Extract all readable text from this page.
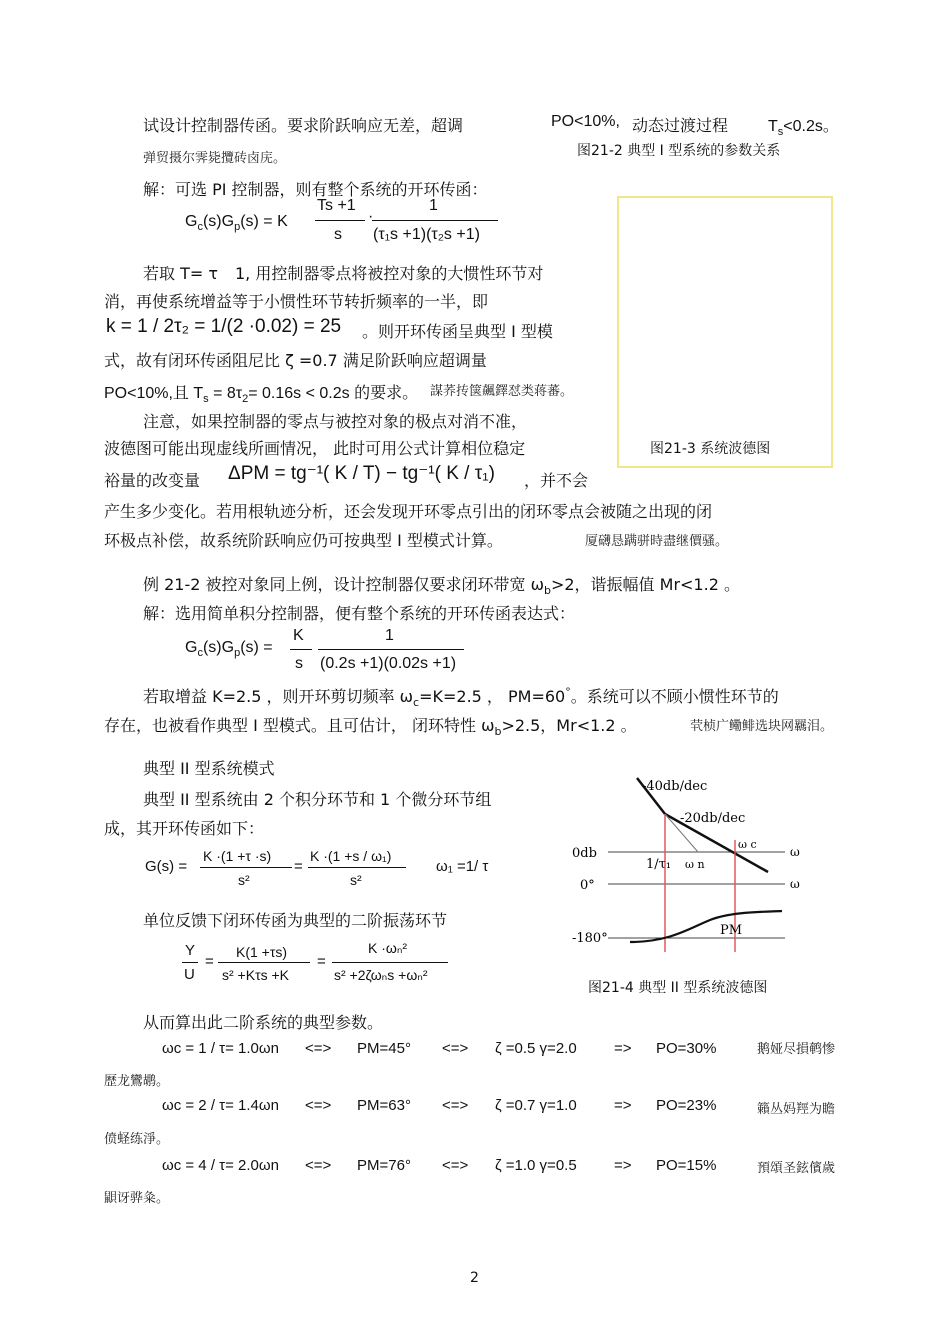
试设计控制器传函。要求阶跃响应无差，超调	PO<10%, 动态过渡过程 $T_s<0.2s$。
弹贸摄尔霁毙攬砖卤庑。	图21-2 典型 I 型系统的参数关系
解：可选 PI 控制器，则有整个系统的开环传函：
$G_c(s)G_p(s) = K$
Ts +1
s
·
1
(τ₁s +1)(τ₂s +1)
图21-3 系统波德图
若取 T= τ 1, 用控制器零点将被控对象的大惯性环节对
消，再使系统增益等于小惯性环节转折频率的一半，即
k = 1 / 2τ₂ = 1/(2 ·0.02) = 25 。则开环传函呈典型 I 型模
式，故有闭环传函阻尼比 ζ =0.7 满足阶跃响应超调量
PO<10%,且 $T_s = 8\tau_2= 0.16s < 0.2s$ 的要求。 謀荞抟箧飆鐸怼类蒋蕃。
注意，如果控制器的零点与被控对象的极点对消不准，
波德图可能出现虚线所画情况， 此时可用公式计算相位稳定
裕量的改变量 ΔPM = tg⁻¹( K / T) − tg⁻¹( K / τ₁) ，并不会
产生多少变化。若用根轨迹分析，还会发现开环零点引出的闭环零点会被随之出现的闭
环极点补偿，故系统阶跃响应仍可按典型 I 型模式计算。	厦礴恳蹒骈時盡继價骚。
例 21-2 被控对象同上例，设计控制器仅要求闭环带宽 $\omega_b>2$，谐振幅值 Mr<1.2 。
解：选用简单积分控制器，便有整个系统的开环传函表达式：
$G_c(s)G_p(s)$ =
K
s
1
(0.2s +1)(0.02s +1)
若取增益 K=2.5 ，则开环剪切频率 $\omega_c=K=2.5$ ， PM=60°。系统可以不顾小惯性环节的
存在，也被看作典型 I 型模式。且可估计， 闭环特性 $\omega_b>2.5$，Mr<1.2 。	茕桢广鳓鲱选块网羈泪。
典型 II 型系统模式
典型 II 型系统由 2 个积分环节和 1 个微分环节组
成，其开环传函如下：
G(s) =
K ·(1 +τ ·s)
s²
=
K ·(1 +s / ω₁)
s²
ω₁ =1/ τ
单位反馈下闭环传函为典型的二阶振荡环节
Y
U
=
K(1 +τs)
s² +Kτs +K
=
K ·ωₙ²
s² +2ζωₙs +ωₙ²
-40db/dec
-20db/dec
0db
0°
-180°
1/τ₁ ω n
ω c
ω
ω
PM
图21-4 典型 II 型系统波德图
从而算出此二阶系统的典型参数。
ωc = 1 / τ= 1.0ωn <=> PM=45° <=> ζ =0.5 γ=2.0 => PO=30%	鹅娅尽損鹌惨
歷龙鸞鹕。
ωc = 2 / τ= 1.4ωn <=> PM=63° <=> ζ =0.7 γ=1.0 => PO=23%	籟丛妈羥为瞻
偾蛏练淨。
ωc = 4 / τ= 2.0ωn <=> PM=76° <=> ζ =1.0 γ=0.5 => PO=15%	預頌圣鉉儐歲
鼰讶骅粂。
2
